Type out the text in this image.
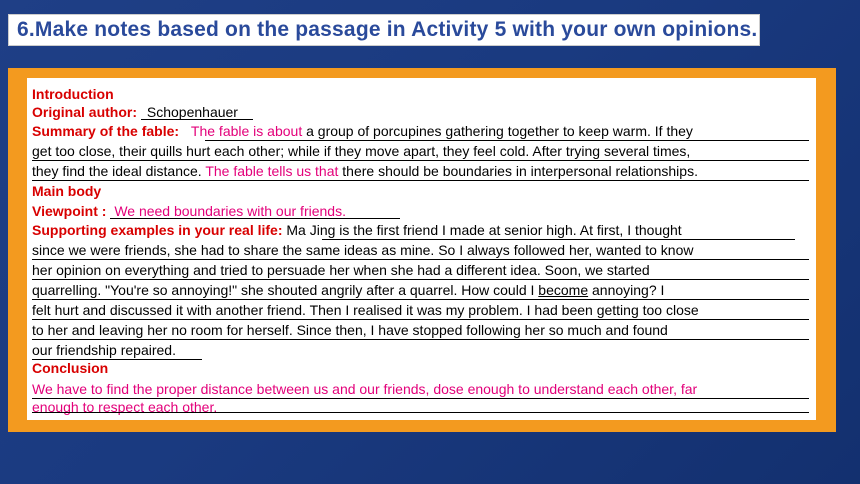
6.Make notes based on the passage in Activity 5 with your own opinions.
Introduction
Original author: Schopenhauer
Summary of the fable: The fable is about a group of porcupines gathering together to keep warm. If they
get too close, their quills hurt each other; while if they move apart, they feel cold. After trying several times,
they find the ideal distance. The fable tells us that there should be boundaries in interpersonal relationships.
Main body
Viewpoint : We need boundaries with our friends.
Supporting examples in your real life: Ma Jing is the first friend I made at senior high. At first, I thought
since we were friends, she had to share the same ideas as mine. So I always followed her, wanted to know
her opinion on everything and tried to persuade her when she had a different idea. Soon, we started
quarrelling. "You're so annoying!" she shouted angrily after a quarrel. How could I become annoying? I
felt hurt and discussed it with another friend. Then I realised it was my problem. I had been getting too close
to her and leaving her no room for herself. Since then, I have stopped following her so much and found
our friendship repaired.
Conclusion
We have to find the proper distance between us and our friends, dose enough to understand each other, far
enough to respect each other.
